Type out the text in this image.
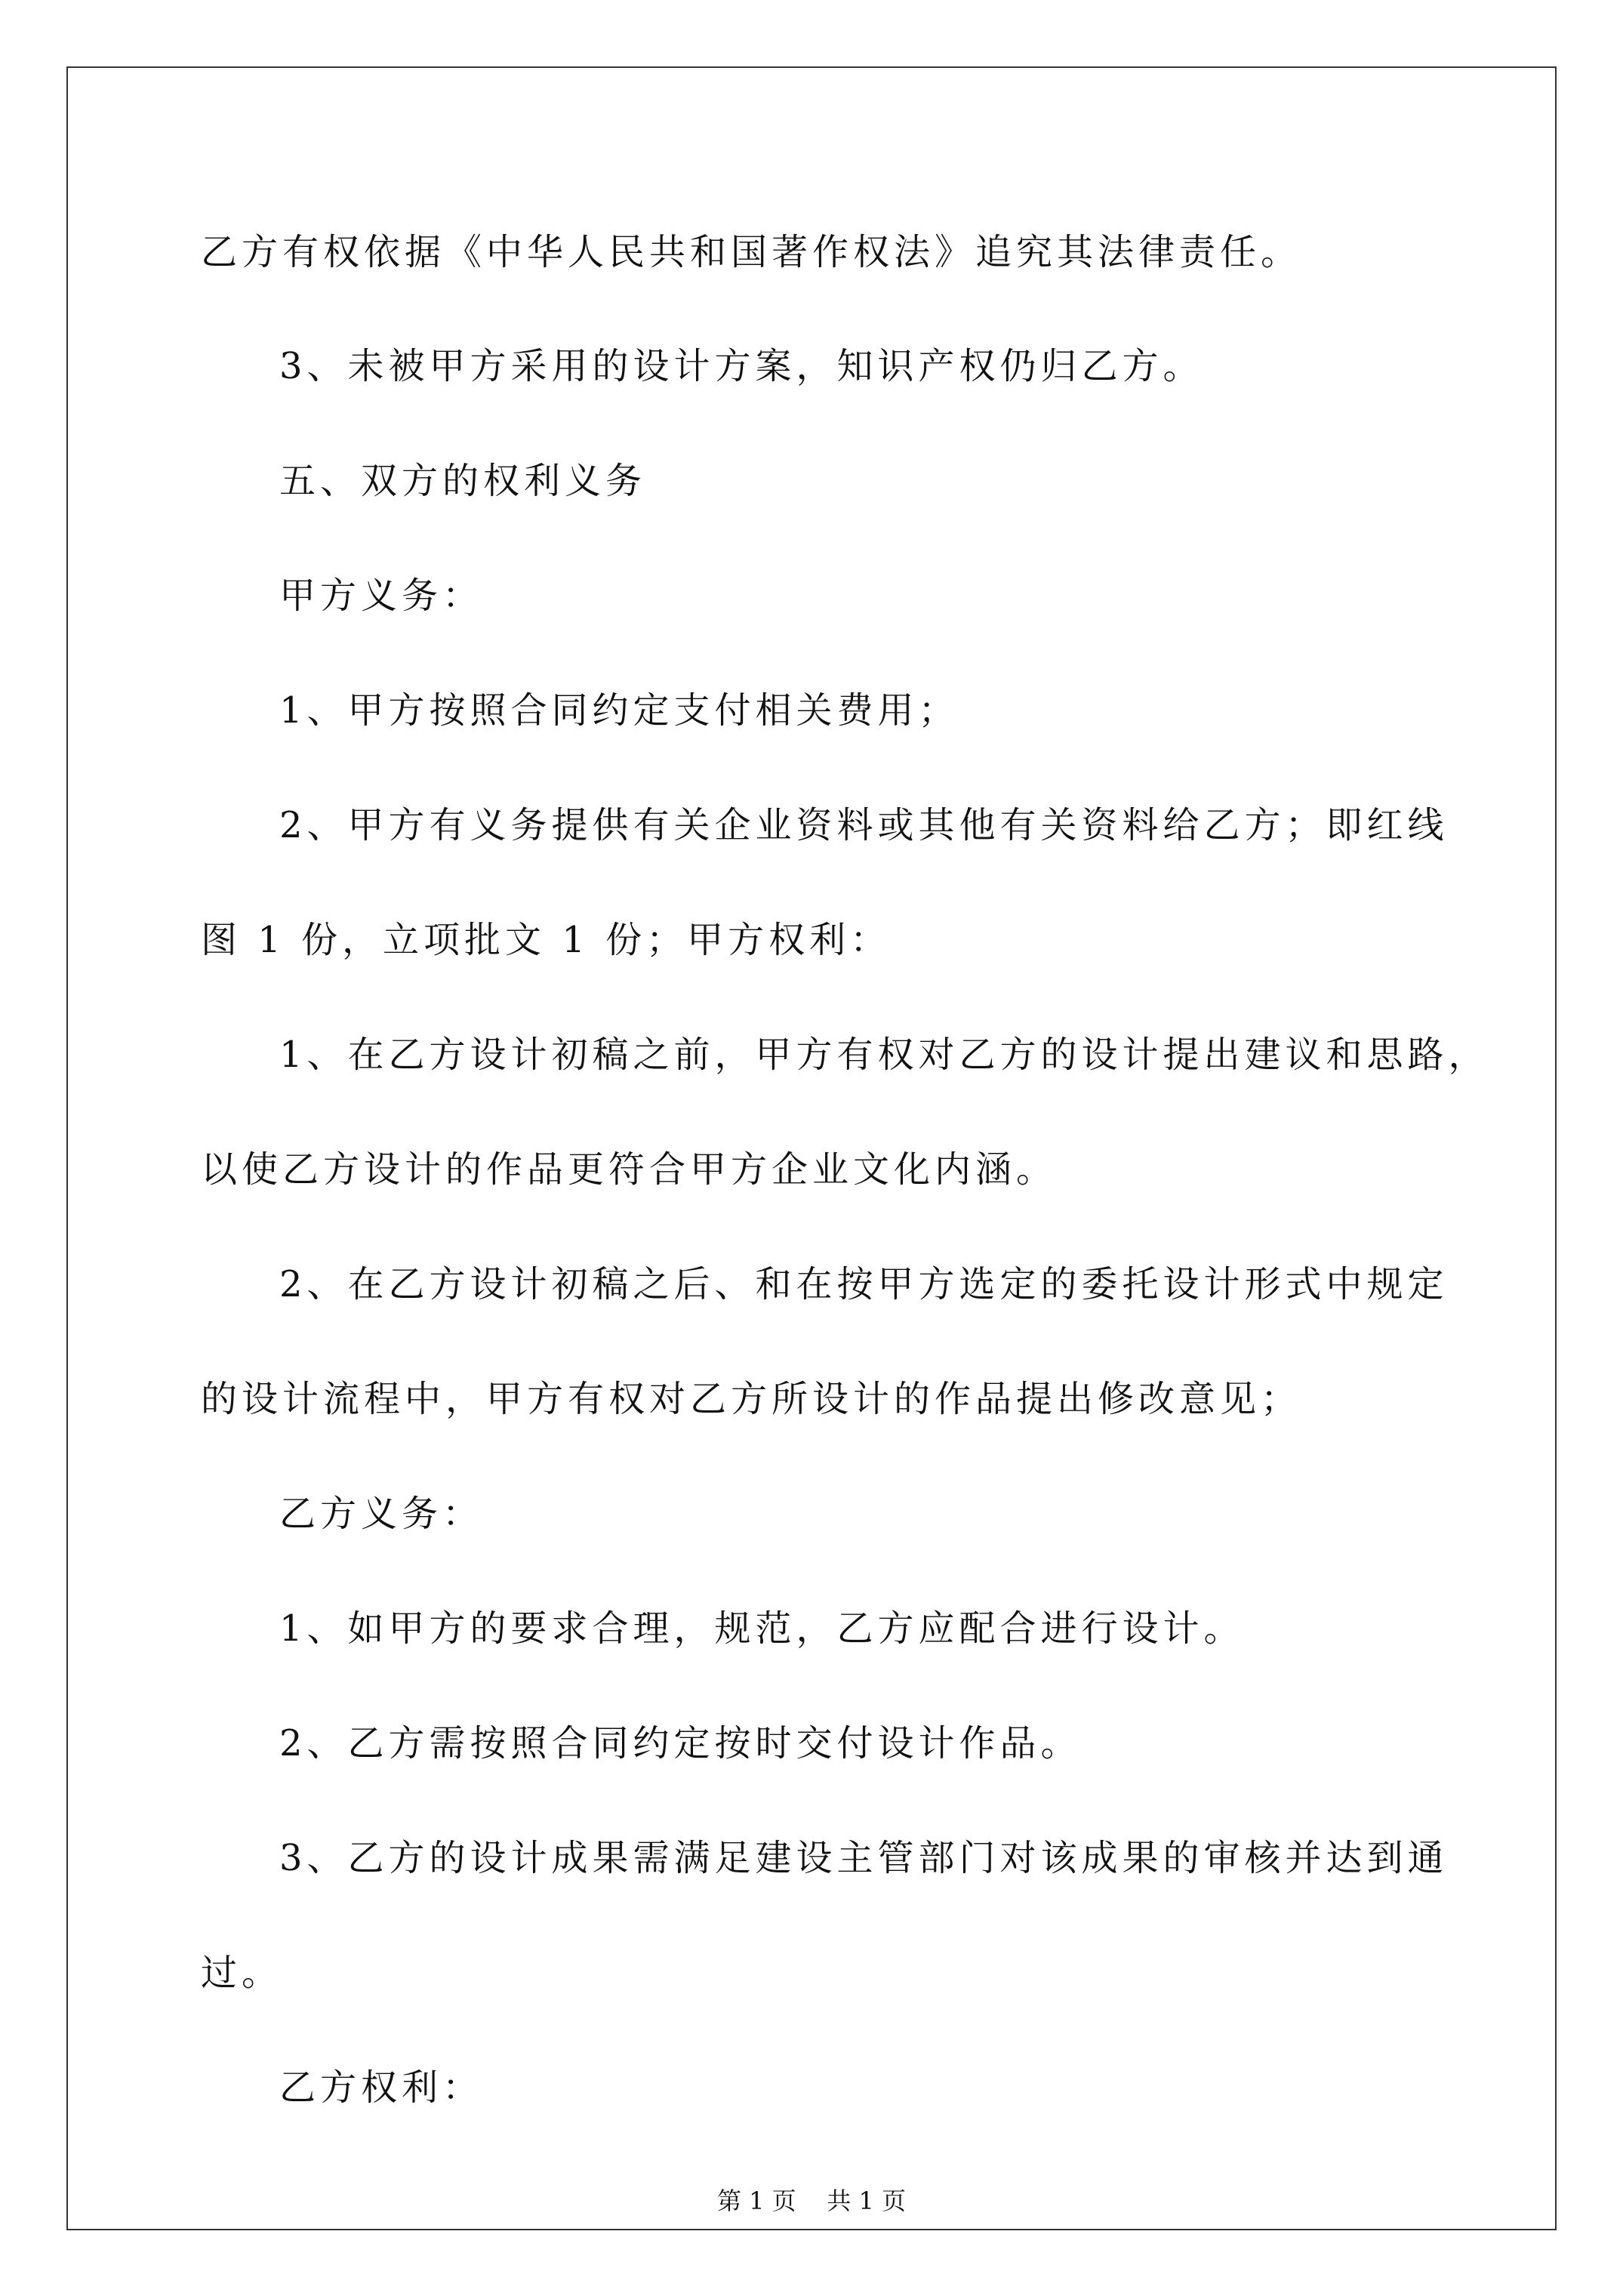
乙方有权依据《中华人民共和国著作权法》追究其法律责任。
3、未被甲方采用的设计方案，知识产权仍归乙方。
五、双方的权利义务
甲方义务：
1、甲方按照合同约定支付相关费用；
2、甲方有义务提供有关企业资料或其他有关资料给乙方；即红线
图 1 份，立项批文 1 份；甲方权利：
1、在乙方设计初稿之前，甲方有权对乙方的设计提出建议和思路，
以使乙方设计的作品更符合甲方企业文化内涵。
2、在乙方设计初稿之后、和在按甲方选定的委托设计形式中规定
的设计流程中，甲方有权对乙方所设计的作品提出修改意见；
乙方义务：
1、如甲方的要求合理，规范，乙方应配合进行设计。
2、乙方需按照合同约定按时交付设计作品。
3、乙方的设计成果需满足建设主管部门对该成果的审核并达到通
过。
乙方权利：
第 1 页    共 1 页
